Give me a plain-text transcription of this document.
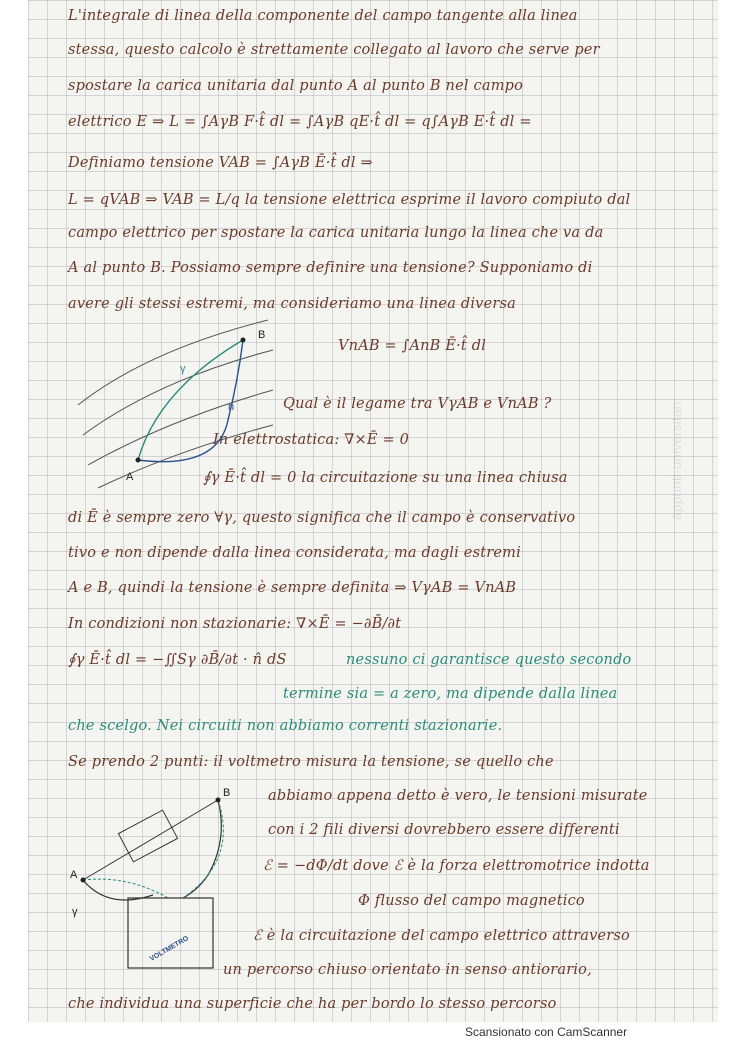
appunti-universitari
L'integrale di linea della componente del campo tangente alla linea
stessa, questo calcolo è strettamente collegato al lavoro che serve per
spostare la carica unitaria dal punto A al punto B nel campo
elettrico E ⇒ L = ∫AγB F·t̂ dl = ∫AγB qE·t̂ dl = q∫AγB E·t̂ dl =
Definiamo tensione VAB = ∫AγB Ē·t̂ dl ⇒
L = qVAB ⇒ VAB = L/q la tensione elettrica esprime il lavoro compiuto dal
campo elettrico per spostare la carica unitaria lungo la linea che va da
A al punto B. Possiamo sempre definire una tensione? Supponiamo di
avere gli stessi estremi, ma consideriamo una linea diversa
VnAB = ∫AnB Ē·t̂ dl
Qual è il legame tra VγAB e VnAB ?
In elettrostatica: ∇×Ē = 0
∮γ Ē·t̂ dl = 0 la circuitazione su una linea chiusa
di Ē è sempre zero ∀γ, questo significa che il campo è conservativo
tivo e non dipende dalla linea considerata, ma dagli estremi
A e B, quindi la tensione è sempre definita ⇒ VγAB = VnAB
In condizioni non stazionarie: ∇×Ē = −∂B̄/∂t
∮γ Ē·t̂ dl = −∬Sγ ∂B̄/∂t · n̂ dS	nessuno ci garantisce questo secondo
termine sia = a zero, ma dipende dalla linea
che scelgo. Nei circuiti non abbiamo correnti stazionarie.
Se prendo 2 punti: il voltmetro misura la tensione, se quello che
abbiamo appena detto è vero, le tensioni misurate
con i 2 fili diversi dovrebbero essere differenti
ℰ = −dΦ/dt dove ℰ è la forza elettromotrice indotta
Φ flusso del campo magnetico
ℰ è la circuitazione del campo elettrico attraverso
un percorso chiuso orientato in senso antiorario,
che individua una superficie che ha per bordo lo stesso percorso
A
B
γ
n
VOLTMETRO
A
B
γ
Scansionato con CamScanner
